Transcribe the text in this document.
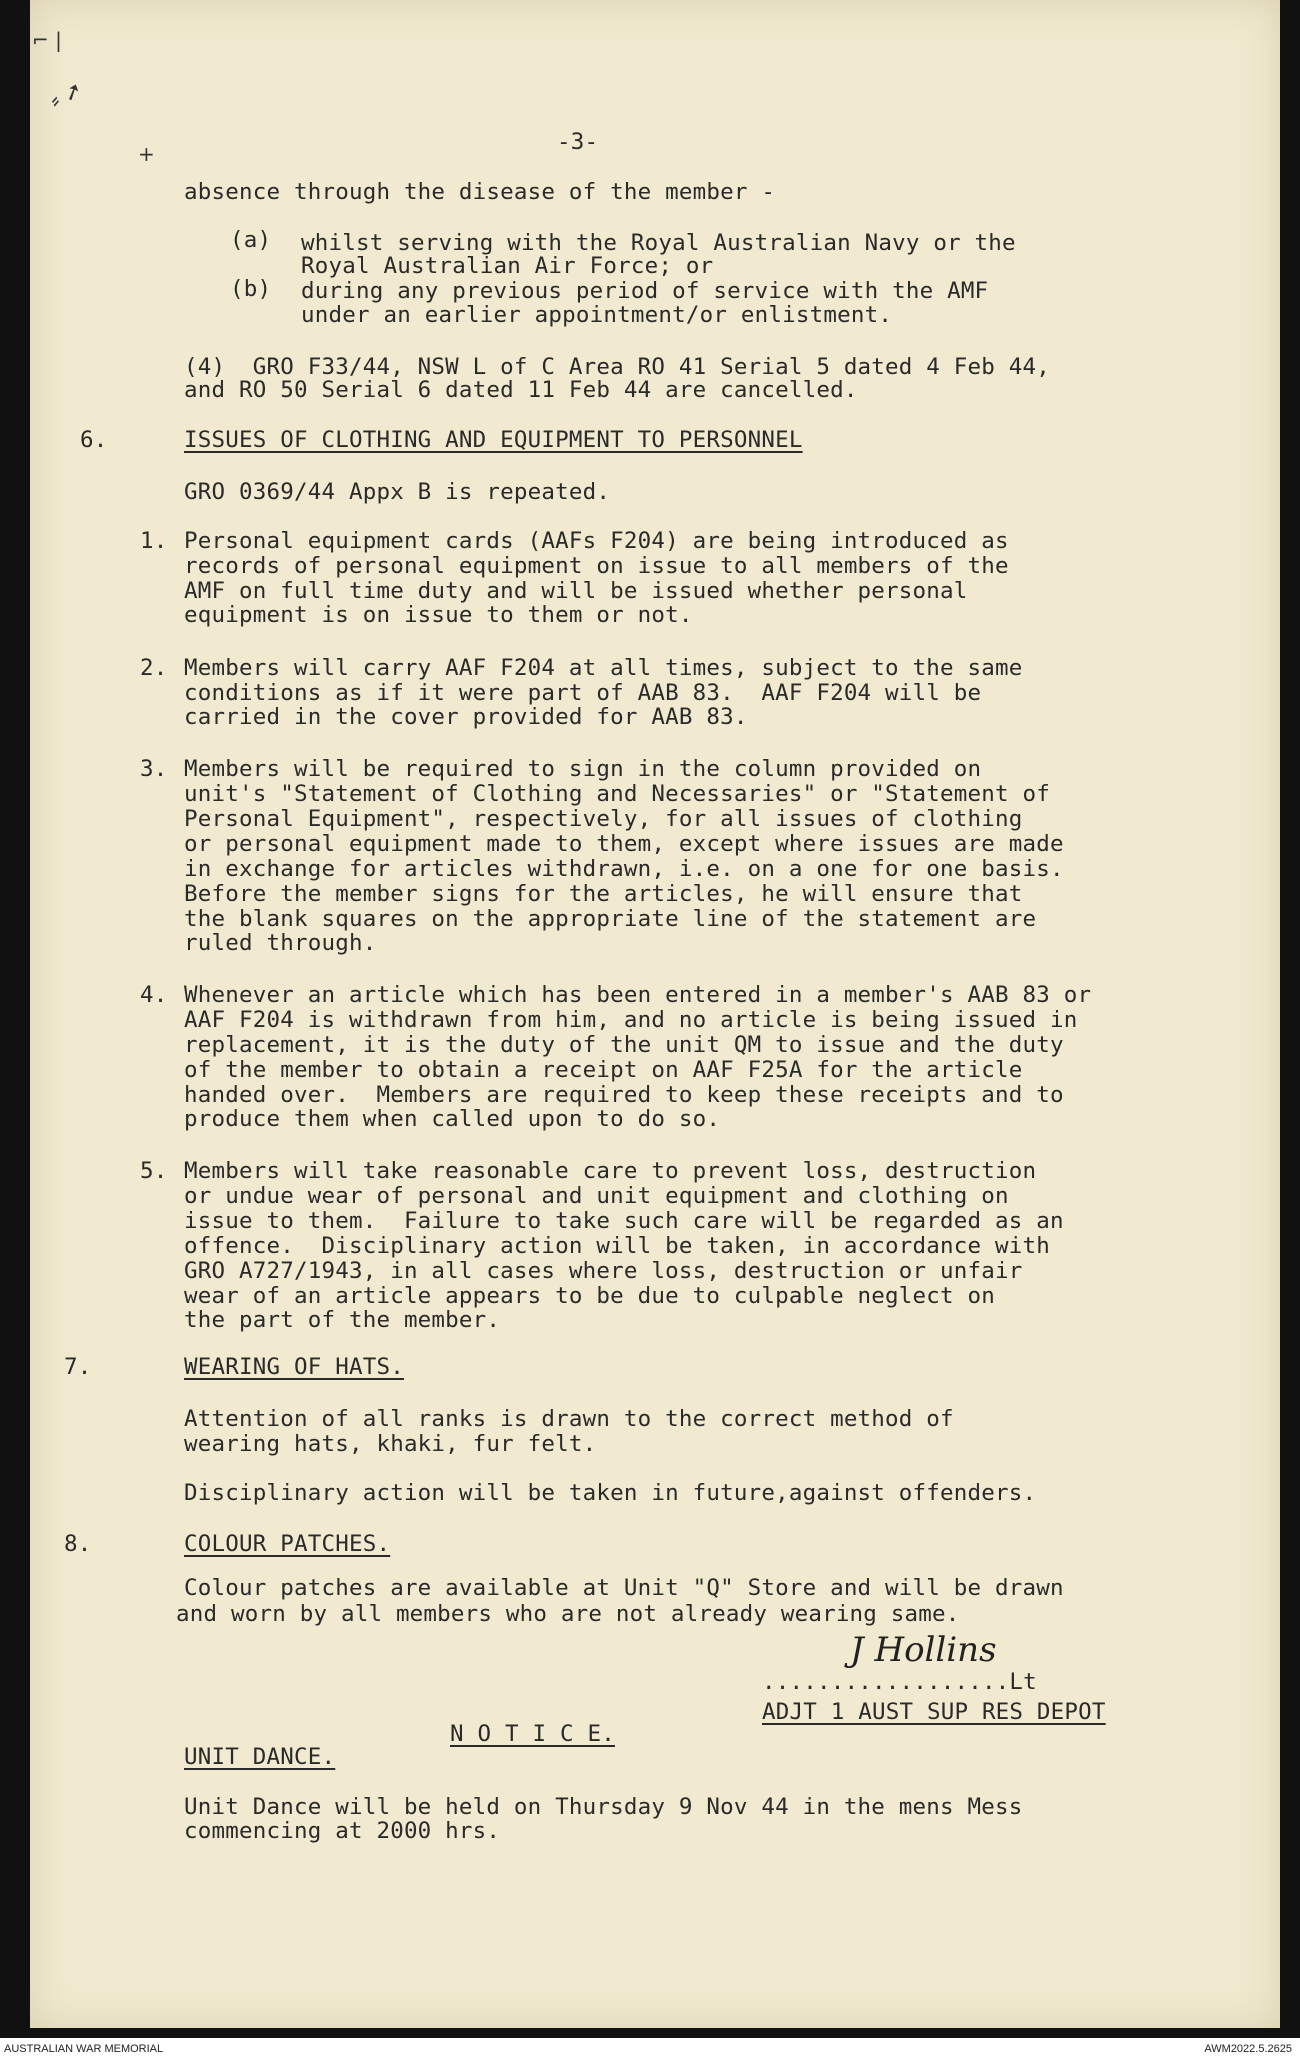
⌐ |
⸗ ➚
+	-3-
absence through the disease of the member -
(a) whilst serving with the Royal Australian Navy or the
Royal Australian Air Force; or
(b) during any previous period of service with the AMF
under an earlier appointment/or enlistment.
(4)  GRO F33/44, NSW L of C Area RO 41 Serial 5 dated 4 Feb 44,
and RO 50 Serial 6 dated 11 Feb 44 are cancelled.
6.	ISSUES OF CLOTHING AND EQUIPMENT TO PERSONNEL
GRO 0369/44 Appx B is repeated.
1. Personal equipment cards (AAFs F204) are being introduced as
records of personal equipment on issue to all members of the
AMF on full time duty and will be issued whether personal
equipment is on issue to them or not.
2. Members will carry AAF F204 at all times, subject to the same
conditions as if it were part of AAB 83.  AAF F204 will be
carried in the cover provided for AAB 83.
3. Members will be required to sign in the column provided on
unit's "Statement of Clothing and Necessaries" or "Statement of
Personal Equipment", respectively, for all issues of clothing
or personal equipment made to them, except where issues are made
in exchange for articles withdrawn, i.e. on a one for one basis.
Before the member signs for the articles, he will ensure that
the blank squares on the appropriate line of the statement are
ruled through.
4. Whenever an article which has been entered in a member's AAB 83 or
AAF F204 is withdrawn from him, and no article is being issued in
replacement, it is the duty of the unit QM to issue and the duty
of the member to obtain a receipt on AAF F25A for the article
handed over.  Members are required to keep these receipts and to
produce them when called upon to do so.
5. Members will take reasonable care to prevent loss, destruction
or undue wear of personal and unit equipment and clothing on
issue to them.  Failure to take such care will be regarded as an
offence.  Disciplinary action will be taken, in accordance with
GRO A727/1943, in all cases where loss, destruction or unfair
wear of an article appears to be due to culpable neglect on
the part of the member.
7.	WEARING OF HATS.
Attention of all ranks is drawn to the correct method of
wearing hats, khaki, fur felt.
Disciplinary action will be taken in future,against offenders.
8.	COLOUR PATCHES.
Colour patches are available at Unit "Q" Store and will be drawn
and worn by all members who are not already wearing same.
J Hollins
..................Lt
ADJT 1 AUST SUP RES DEPOT
N O T I C E.
UNIT DANCE.
Unit Dance will be held on Thursday 9 Nov 44 in the mens Mess
commencing at 2000 hrs.
AUSTRALIAN WAR MEMORIAL	AWM2022.5.2625
